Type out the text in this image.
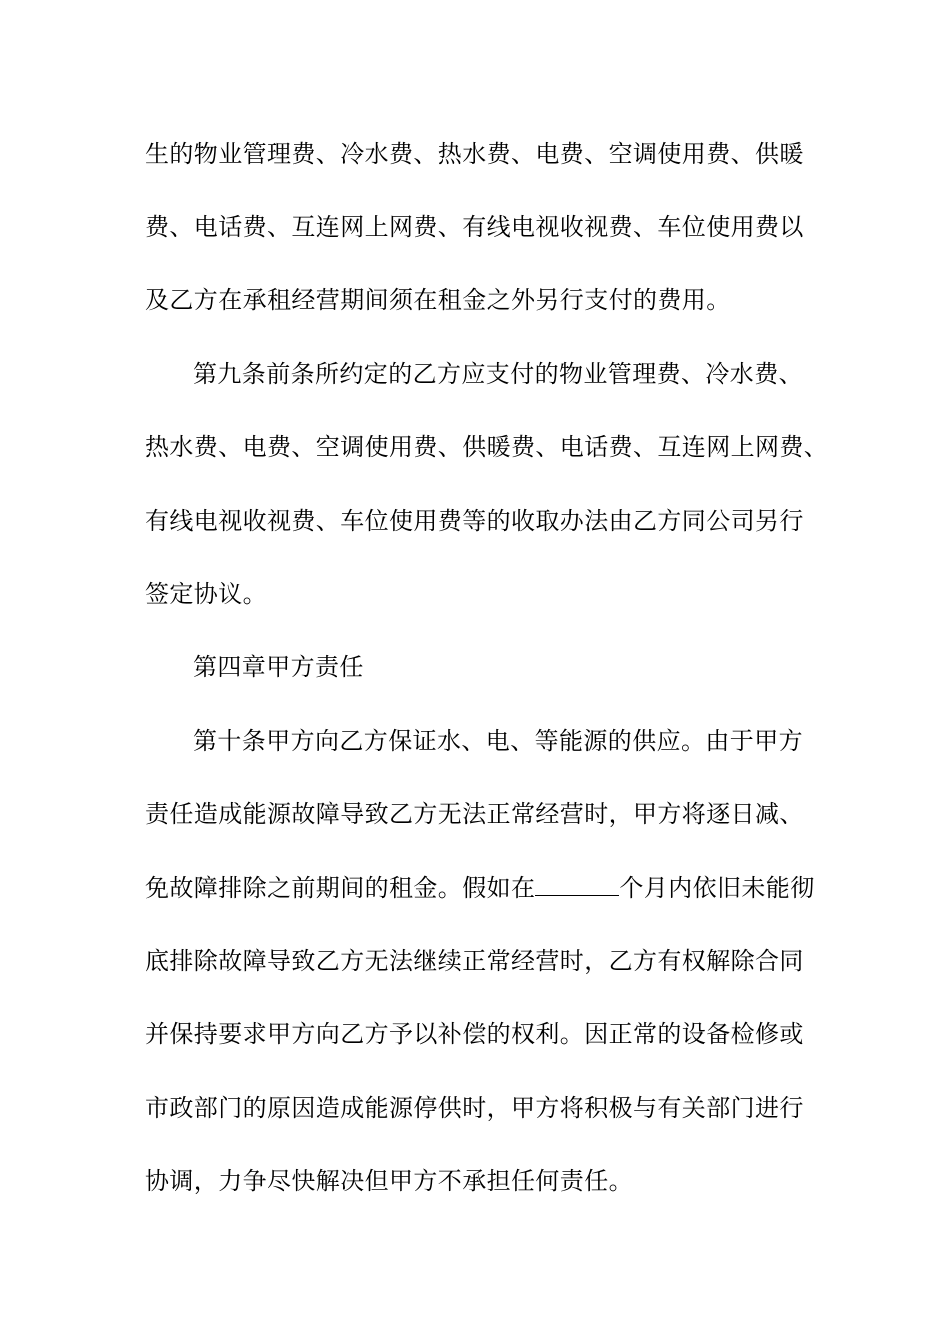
生的物业管理费、冷水费、热水费、电费、空调使用费、供暖
费、电话费、互连网上网费、有线电视收视费、车位使用费以
及乙方在承租经营期间须在租金之外另行支付的费用。
第九条前条所约定的乙方应支付的物业管理费、冷水费、
热水费、电费、空调使用费、供暖费、电话费、互连网上网费、
有线电视收视费、车位使用费等的收取办法由乙方同公司另行
签定协议。
第四章甲方责任
第十条甲方向乙方保证水、电、等能源的供应。由于甲方
责任造成能源故障导致乙方无法正常经营时，甲方将逐日减、
免故障排除之前期间的租金。假如在	个月内依旧未能彻
底排除故障导致乙方无法继续正常经营时，乙方有权解除合同
并保持要求甲方向乙方予以补偿的权利。因正常的设备检修或
市政部门的原因造成能源停供时，甲方将积极与有关部门进行
协调，力争尽快解决但甲方不承担任何责任。
